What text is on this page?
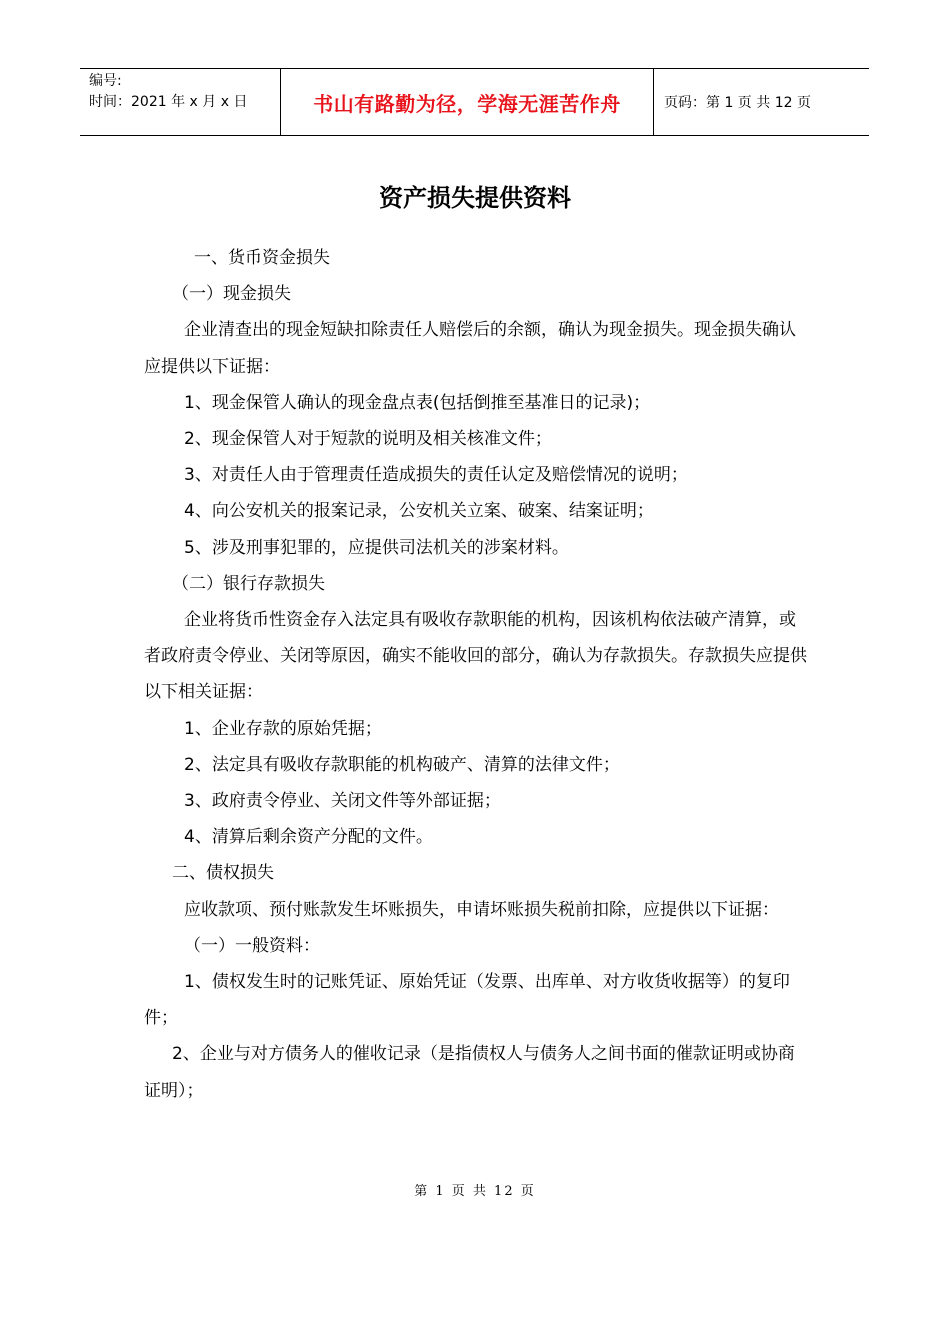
编号:
时间：2021 年 x 月 x 日	书山有路勤为径，学海无涯苦作舟	页码：第 1 页 共 12 页
资产损失提供资料

一、货币资金损失

（一）现金损失

企业清查出的现金短缺扣除责任人赔偿后的余额，确认为现金损失。现金损失确认应提供以下证据：

1、现金保管人确认的现金盘点表(包括倒推至基准日的记录)；

2、现金保管人对于短款的说明及相关核准文件；

3、对责任人由于管理责任造成损失的责任认定及赔偿情况的说明；

4、向公安机关的报案记录，公安机关立案、破案、结案证明；

5、涉及刑事犯罪的，应提供司法机关的涉案材料。

（二）银行存款损失

企业将货币性资金存入法定具有吸收存款职能的机构，因该机构依法破产清算，或者政府责令停业、关闭等原因，确实不能收回的部分，确认为存款损失。存款损失应提供以下相关证据：

1、企业存款的原始凭据；

2、法定具有吸收存款职能的机构破产、清算的法律文件；

3、政府责令停业、关闭文件等外部证据；

4、清算后剩余资产分配的文件。

二、债权损失

应收款项、预付账款发生坏账损失，申请坏账损失税前扣除，应提供以下证据：

（一）一般资料：

1、债权发生时的记账凭证、原始凭证（发票、出库单、对方收货收据等）的复印件；

2、企业与对方债务人的催收记录（是指债权人与债务人之间书面的催款证明或协商证明）；

第 1 页 共 12 页
